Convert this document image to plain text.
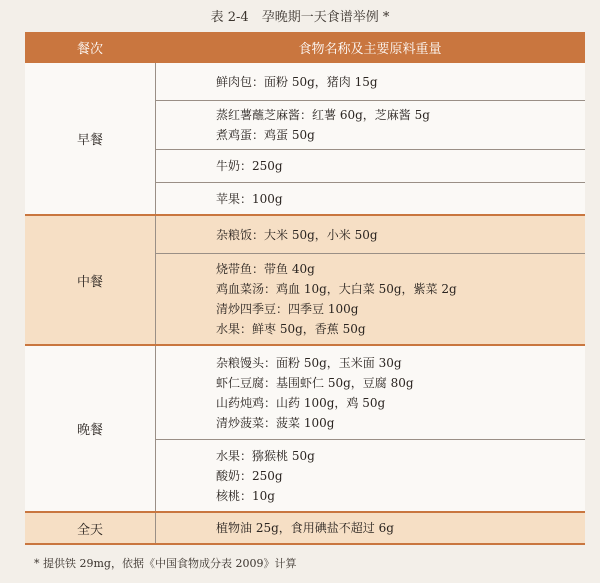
表 2-4　孕晚期一天食谱举例 *
餐次	食物名称及主要原料重量
早餐
鲜肉包：面粉 50g，猪肉 15g
蒸红薯蘸芝麻酱：红薯 60g，芝麻酱 5g
煮鸡蛋：鸡蛋 50g
牛奶：250g
苹果：100g
中餐
杂粮饭：大米 50g，小米 50g
烧带鱼：带鱼 40g
鸡血菜汤：鸡血 10g，大白菜 50g，紫菜 2g
清炒四季豆：四季豆 100g
水果：鲜枣 50g，香蕉 50g
晚餐
杂粮馒头：面粉 50g，玉米面 30g
虾仁豆腐：基围虾仁 50g，豆腐 80g
山药炖鸡：山药 100g，鸡 50g
清炒菠菜：菠菜 100g
水果：猕猴桃 50g
酸奶：250g
核桃：10g
全天	植物油 25g，食用碘盐不超过 6g
* 提供铁 29mg，依据《中国食物成分表 2009》计算
